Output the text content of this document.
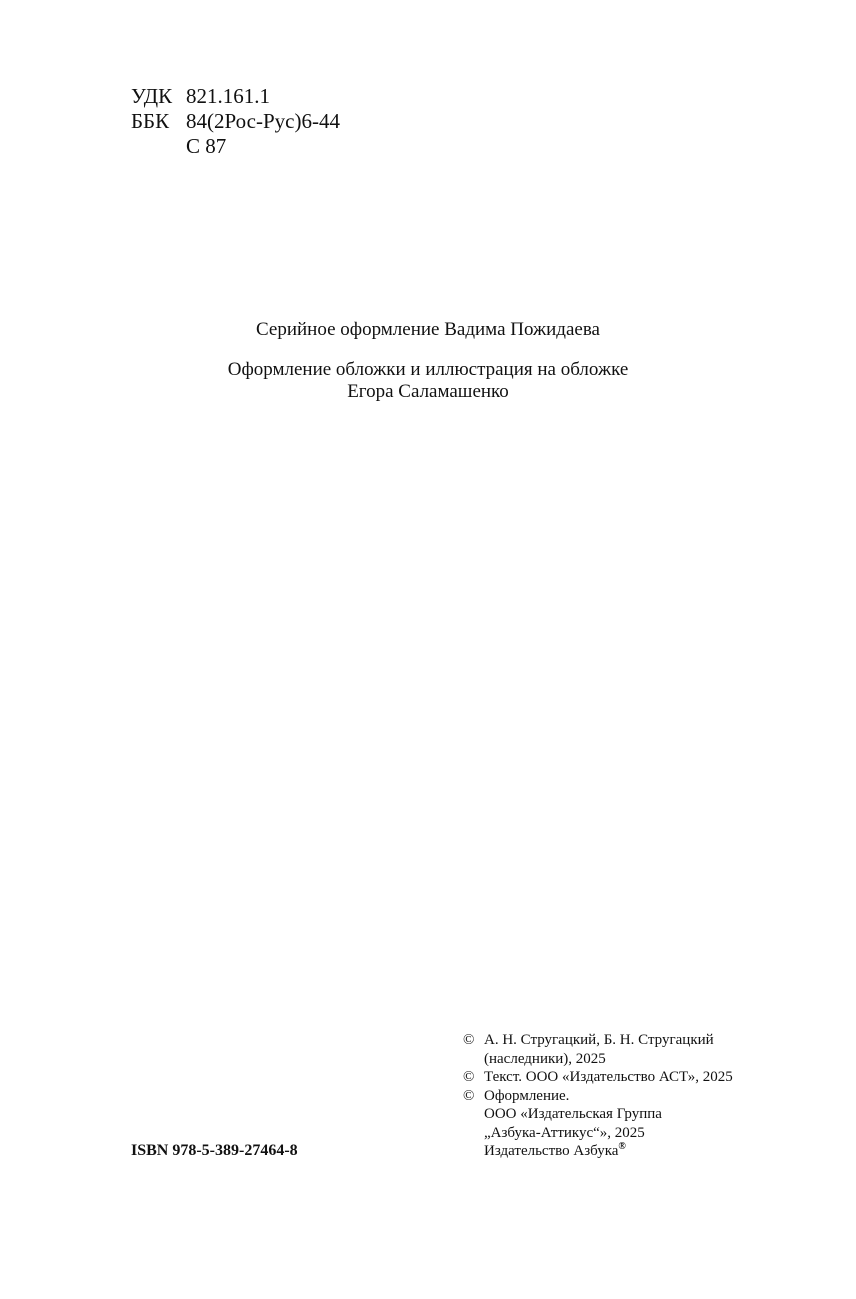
УДК 821.161.1
ББК 84(2Рос-Рус)6-44
С 87
Серийное оформление Вадима Пожидаева
Оформление обложки и иллюстрация на обложке
Егора Саламашенко
© А. Н. Стругацкий, Б. Н. Стругацкий
(наследники), 2025
© Текст. ООО «Издательство АСТ», 2025
© Оформление.
ООО «Издательская Группа
„Азбука-Аттикус“», 2025
Издательство Азбука®
ISBN 978-5-389-27464-8
